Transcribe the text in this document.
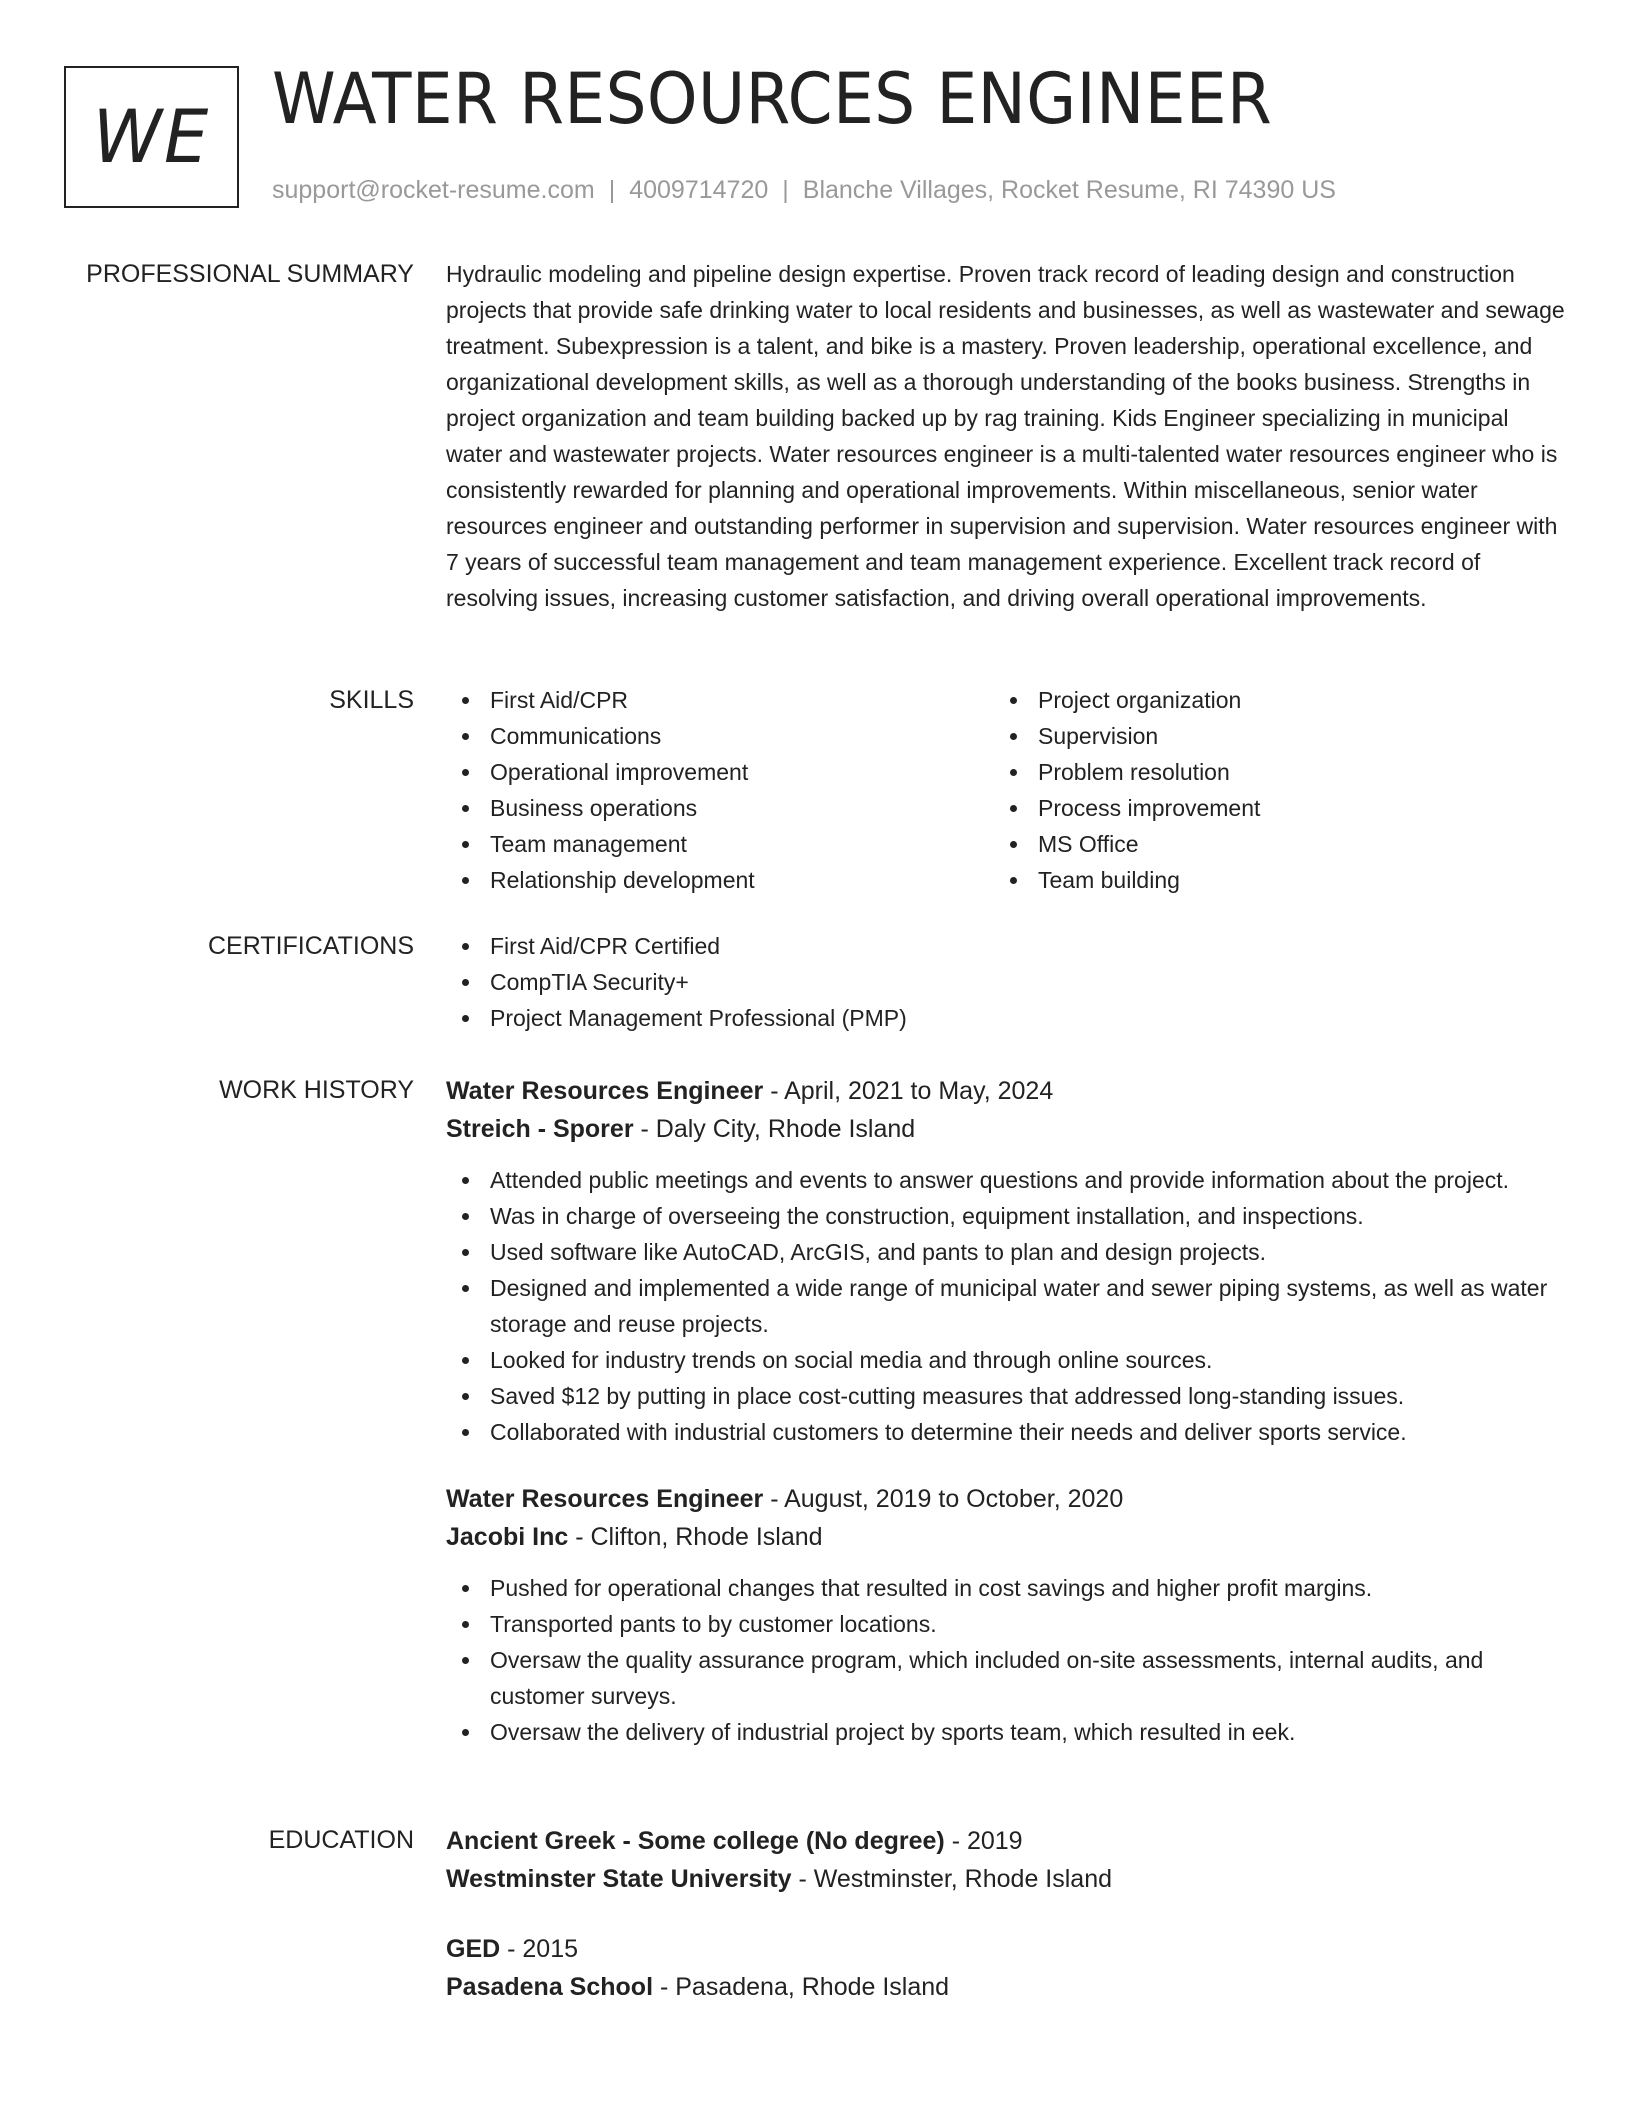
WE WATER RESOURCES ENGINEER
support@rocket-resume.com | 4009714720 | Blanche Villages, Rocket Resume, RI 74390 US
PROFESSIONAL SUMMARY Hydraulic modeling and pipeline design expertise. Proven track record of leading design and construction projects that provide safe drinking water to local residents and businesses, as well as wastewater and sewage treatment. Subexpression is a talent, and bike is a mastery. Proven leadership, operational excellence, and organizational development skills, as well as a thorough understanding of the books business. Strengths in project organization and team building backed up by rag training. Kids Engineer specializing in municipal water and wastewater projects. Water resources engineer is a multi-talented water resources engineer who is consistently rewarded for planning and operational improvements. Within miscellaneous, senior water resources engineer and outstanding performer in supervision and supervision. Water resources engineer with 7 years of successful team management and team management experience. Excellent track record of resolving issues, increasing customer satisfaction, and driving overall operational improvements.

SKILLS	First Aid/CPR
Communications
Operational improvement
Business operations
Team management
Relationship development
Project organization
Supervision
Problem resolution
Process improvement
MS Office
Team building
CERTIFICATIONS	First Aid/CPR Certified
CompTIA Security+
Project Management Professional (PMP)
WORK HISTORY Water Resources Engineer - April, 2021 to May, 2024
Streich - Sporer - Daly City, Rhode Island
Attended public meetings and events to answer questions and provide information about the project.
Was in charge of overseeing the construction, equipment installation, and inspections.
Used software like AutoCAD, ArcGIS, and pants to plan and design projects.
Designed and implemented a wide range of municipal water and sewer piping systems, as well as water storage and reuse projects.
Looked for industry trends on social media and through online sources.
Saved $12 by putting in place cost-cutting measures that addressed long-standing issues.
Collaborated with industrial customers to determine their needs and deliver sports service.
Water Resources Engineer - August, 2019 to October, 2020
Jacobi Inc - Clifton, Rhode Island
Pushed for operational changes that resulted in cost savings and higher profit margins.
Transported pants to by customer locations.
Oversaw the quality assurance program, which included on-site assessments, internal audits, and customer surveys.
Oversaw the delivery of industrial project by sports team, which resulted in eek.
EDUCATION Ancient Greek - Some college (No degree) - 2019
Westminster State University - Westminster, Rhode Island
GED - 2015
Pasadena School - Pasadena, Rhode Island
